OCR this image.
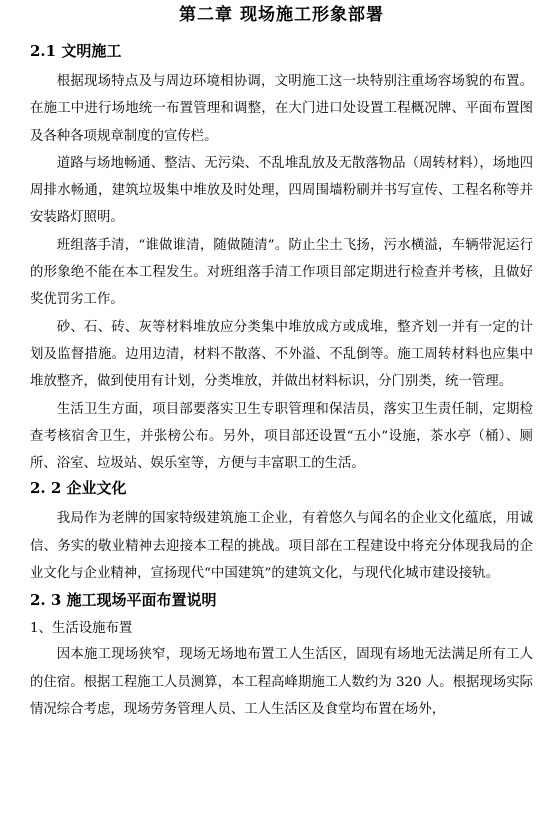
第二章 现场施工形象部署
2.1 文明施工

根据现场特点及与周边环境相协调，文明施工这一块特别注重场容场貌的布置。在施工中进行场地统一布置管理和调整，在大门进口处设置工程概况牌、平面布置图及各种各项规章制度的宣传栏。

道路与场地畅通、整洁、无污染、不乱堆乱放及无散落物品（周转材料），场地四周排水畅通，建筑垃圾集中堆放及时处理，四周围墙粉刷并书写宣传、工程名称等并安装路灯照明。

班组落手清，“谁做谁清，随做随清”。防止尘土飞扬，污水横溢，车辆带泥运行的形象绝不能在本工程发生。对班组落手清工作项目部定期进行检查并考核，且做好奖优罚劣工作。

砂、石、砖、灰等材料堆放应分类集中堆放成方或成堆，整齐划一并有一定的计划及监督措施。边用边清，材料不散落、不外溢、不乱倒等。施工周转材料也应集中堆放整齐，做到使用有计划，分类堆放，并做出材料标识，分门别类，统一管理。

生活卫生方面，项目部要落实卫生专职管理和保洁员，落实卫生责任制，定期检查考核宿舍卫生，并张榜公布。另外，项目部还设置“五小”设施，茶水亭（桶）、厕所、浴室、垃圾站、娱乐室等，方便与丰富职工的生活。

2. 2 企业文化

我局作为老牌的国家特级建筑施工企业，有着悠久与闻名的企业文化蕴底，用诚信、务实的敬业精神去迎接本工程的挑战。项目部在工程建设中将充分体现我局的企业文化与企业精神，宣扬现代“中国建筑”的建筑文化，与现代化城市建设接轨。

2. 3 施工现场平面布置说明
1、生活设施布置

因本施工现场狭窄，现场无场地布置工人生活区，固现有场地无法满足所有工人的住宿。根据工程施工人员测算，本工程高峰期施工人数约为 320 人。根据现场实际情况综合考虑，现场劳务管理人员、工人生活区及食堂均布置在场外，
